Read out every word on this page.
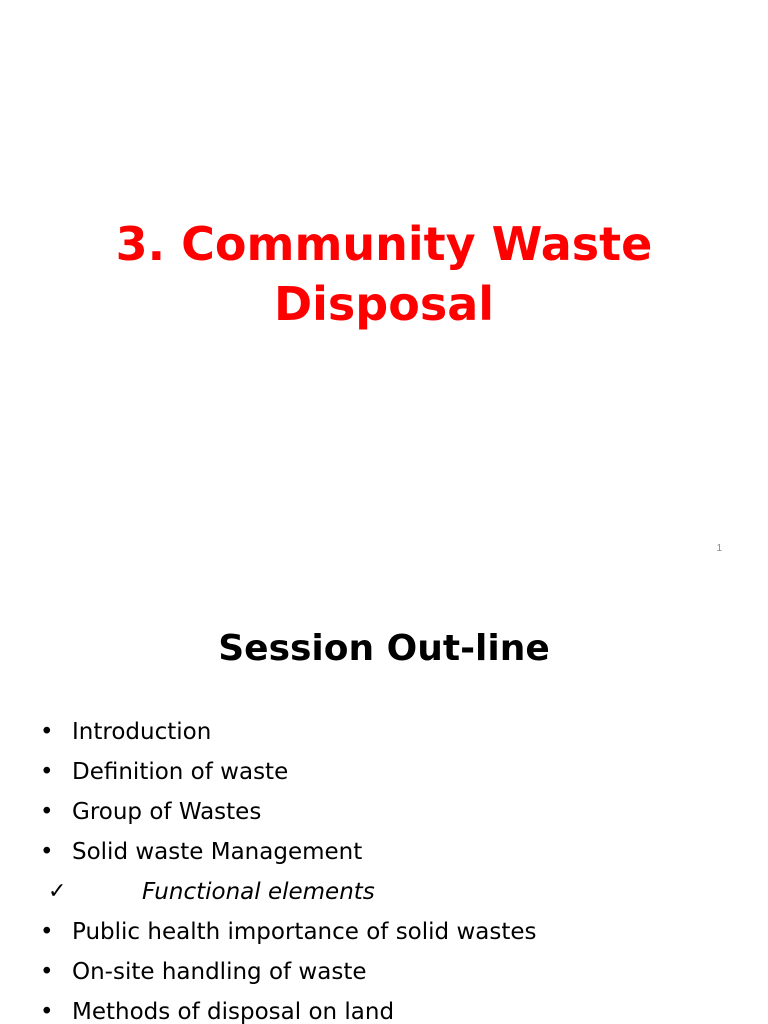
3. Community Waste
Disposal
1
Session Out-line
• Introduction
• Definition of waste
• Group of Wastes
• Solid waste Management
✓	Functional elements
• Public health importance of solid wastes
• On-site handling of waste
• Methods of disposal on land
